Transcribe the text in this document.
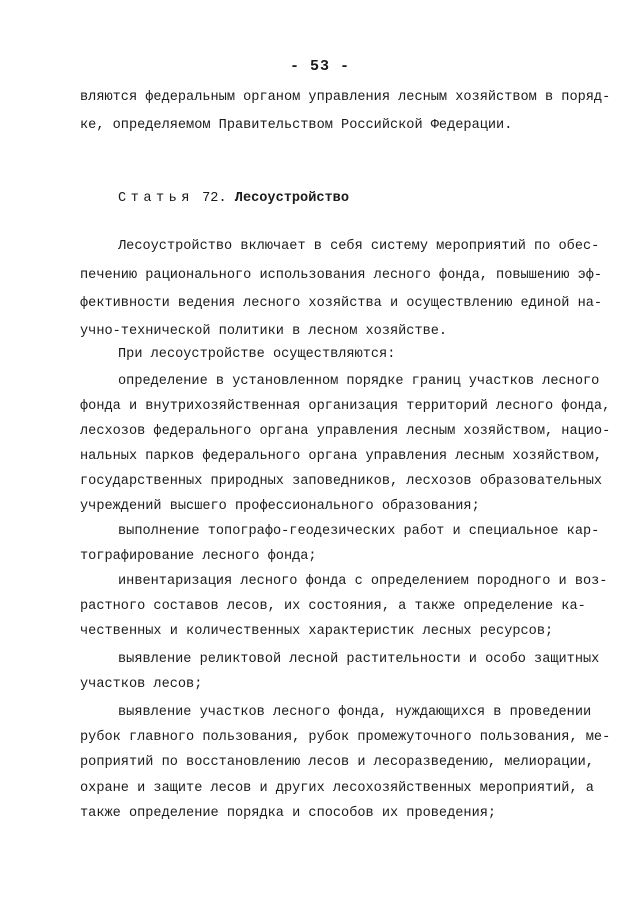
- 53 -
вляются федеральным органом управления лесным хозяйством в поряд-
ке, определяемом Правительством Российской Федерации.
Статья 72. Лесоустройство
Лесоустройство включает в себя систему мероприятий по обес-
печению рационального использования лесного фонда, повышению эф-
фективности ведения лесного хозяйства и осуществлению единой на-
учно-технической политики в лесном хозяйстве.
При лесоустройстве осуществляются:
определение в установленном порядке границ участков лесного
фонда и внутрихозяйственная организация территорий лесного фонда,
лесхозов федерального органа управления лесным хозяйством, нацио-
нальных парков федерального органа управления лесным хозяйством,
государственных природных заповедников, лесхозов образовательных
учреждений высшего профессионального образования;
выполнение топографо-геодезических работ и специальное кар-
тографирование лесного фонда;
инвентаризация лесного фонда с определением породного и воз-
растного составов лесов, их состояния, а также определение ка-
чественных и количественных характеристик лесных ресурсов;
выявление реликтовой лесной растительности и особо защитных
участков лесов;
выявление участков лесного фонда, нуждающихся в проведении
рубок главного пользования, рубок промежуточного пользования, ме-
роприятий по восстановлению лесов и лесоразведению, мелиорации,
охране и защите лесов и других лесохозяйственных мероприятий, а
также определение порядка и способов их проведения;
